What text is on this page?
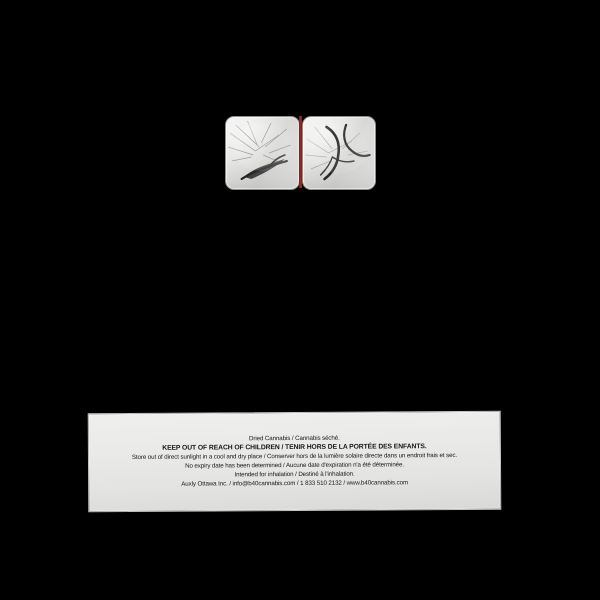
Dried Cannabis / Cannabis séché.
KEEP OUT OF REACH OF CHILDREN / TENIR HORS DE LA PORTÉE DES ENFANTS.
Store out of direct sunlight in a cool and dry place / Conserver hors de la lumière solaire directe dans un endroit frais et sec.
No expiry date has been determined / Aucune date d'expiration n'a été déterminée.
Intended for inhalation / Destiné à l'inhalation.
Auxly Ottawa Inc. / info@b40cannabis.com / 1 833 510 2132 / www.b40cannabis.com
